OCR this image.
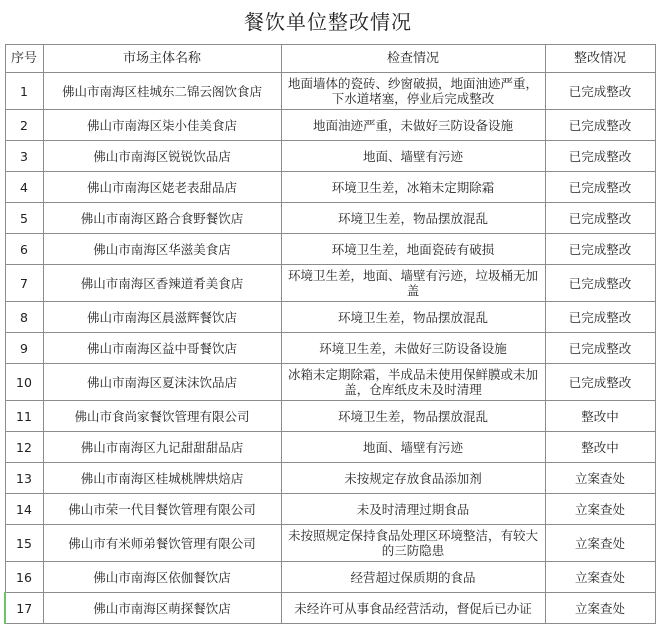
餐饮单位整改情况
序号	市场主体名称	检查情况	整改情况
1	佛山市南海区桂城东二锦云阁饮食店	地面墙体的瓷砖、纱窗破损，地面油迹严重，下水道堵塞，停业后完成整改	已完成整改
2	佛山市南海区柒小佳美食店	地面油迹严重，未做好三防设备设施	已完成整改
3	佛山市南海区锐锐饮品店	地面、墙壁有污迹	已完成整改
4	佛山市南海区姥老表甜品店	环境卫生差，冰箱未定期除霜	已完成整改
5	佛山市南海区路合食野餐饮店	环境卫生差，物品摆放混乱	已完成整改
6	佛山市南海区华滋美食店	环境卫生差，地面瓷砖有破损	已完成整改
7	佛山市南海区香辣道肴美食店	环境卫生差，地面、墙壁有污迹，垃圾桶无加盖	已完成整改
8	佛山市南海区晨滋辉餐饮店	环境卫生差，物品摆放混乱	已完成整改
9	佛山市南海区益中哥餐饮店	环境卫生差，未做好三防设备设施	已完成整改
10	佛山市南海区夏沫沫饮品店	冰箱未定期除霜，半成品未使用保鲜膜或未加盖，仓库纸皮未及时清理	已完成整改
11	佛山市食尚家餐饮管理有限公司	环境卫生差，物品摆放混乱	整改中
12	佛山市南海区九记甜甜甜品店	地面、墙壁有污迹	整改中
13	佛山市南海区桂城桃牌烘焙店	未按规定存放食品添加剂	立案查处
14	佛山市荣一代目餐饮管理有限公司	未及时清理过期食品	立案查处
15	佛山市有米师弟餐饮管理有限公司	未按照规定保持食品处理区环境整洁，有较大的三防隐患	立案查处
16	佛山市南海区依伽餐饮店	经营超过保质期的食品	立案查处
17	佛山市南海区萌探餐饮店	未经许可从事食品经营活动，督促后已办证	立案查处
